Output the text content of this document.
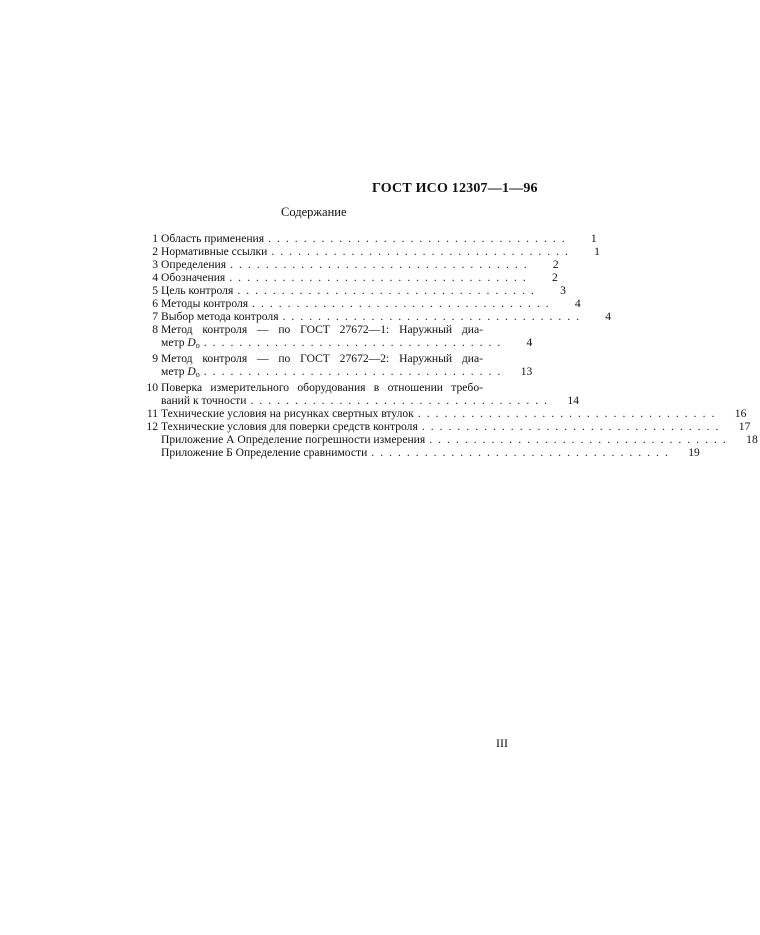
ГОСТ ИСО 12307—1—96
Содержание
1 Область применения ..................................	1
2 Нормативные ссылки ..................................	1
3 Определения ..................................	2
4 Обозначения ..................................	2
5 Цель контроля ..................................	3
6 Методы контроля ..................................	4
7 Выбор метода контроля ..................................	4
8 Метод контроля — по ГОСТ 27672—1: Наружный диа-
метр $D_о$ ..................................	4
9 Метод контроля — по ГОСТ 27672—2: Наружный диа-
метр $D_о$ ..................................	13
10 Поверка измерительного оборудования в отношении требо-
ваний к точности ..................................	14
11 Технические условия на рисунках свертных втулок ..................................	16
12 Технические условия для поверки средств контроля ..................................	17
Приложение А Определение погрешности измерения ..................................	18
Приложение Б Определение сравнимости ..................................	19
III
